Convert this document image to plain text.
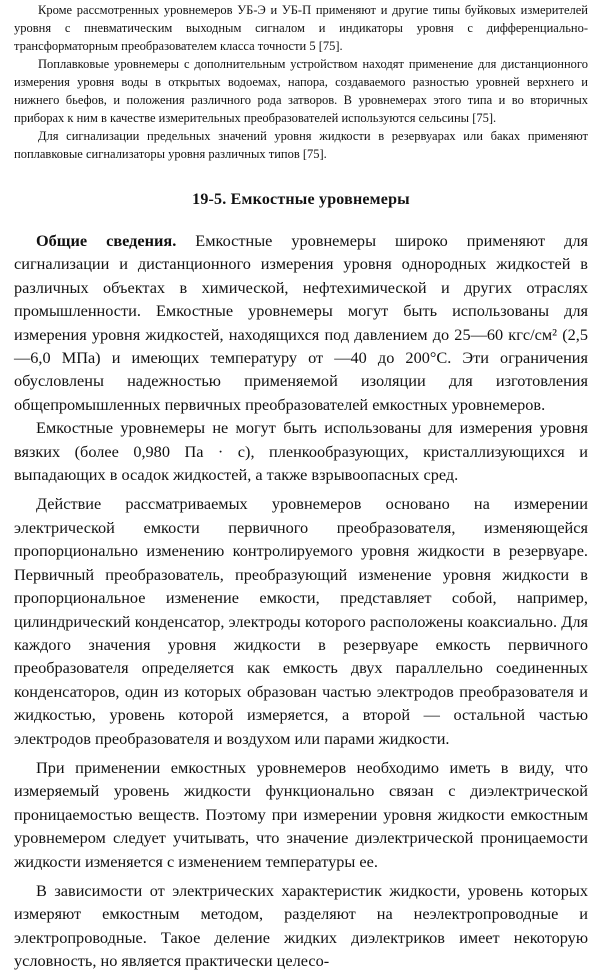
Кроме рассмотренных уровнемеров УБ-Э и УБ-П применяют и другие типы буйковых измерителей уровня с пневматическим выходным сигналом и индикаторы уровня с дифференциально-трансформаторным преобразователем класса точности 5 [75].

Поплавковые уровнемеры с дополнительным устройством находят применение для дистанционного измерения уровня воды в открытых водоемах, напора, создаваемого разностью уровней верхнего и нижнего бьефов, и положения различного рода затворов. В уровнемерах этого типа и во вторичных приборах к ним в качестве измерительных преобразователей используются сельсины [75].

Для сигнализации предельных значений уровня жидкости в резервуарах или баках применяют поплавковые сигнализаторы уровня различных типов [75].

19-5. Емкостные уровнемеры

Общие сведения. Емкостные уровнемеры широко применяют для сигнализации и дистанционного измерения уровня однородных жидкостей в различных объектах в химической, нефтехимической и других отраслях промышленности. Емкостные уровнемеры могут быть использованы для измерения уровня жидкостей, находящихся под давлением до 25—60 кгс/см² (2,5—6,0 МПа) и имеющих температуру от —40 до 200°С. Эти ограничения обусловлены надежностью применяемой изоляции для изготовления общепромышленных первичных преобразователей емкостных уровнемеров.

Емкостные уровнемеры не могут быть использованы для измерения уровня вязких (более 0,980 Па · с), пленкообразующих, кристаллизующихся и выпадающих в осадок жидкостей, а также взрывоопасных сред.

Действие рассматриваемых уровнемеров основано на измерении электрической емкости первичного преобразователя, изменяющейся пропорционально изменению контролируемого уровня жидкости в резервуаре. Первичный преобразователь, преобразующий изменение уровня жидкости в пропорциональное изменение емкости, представляет собой, например, цилиндрический конденсатор, электроды которого расположены коаксиально. Для каждого значения уровня жидкости в резервуаре емкость первичного преобразователя определяется как емкость двух параллельно соединенных конденсаторов, один из которых образован частью электродов преобразователя и жидкостью, уровень которой измеряется, а второй — остальной частью электродов преобразователя и воздухом или парами жидкости.

При применении емкостных уровнемеров необходимо иметь в виду, что измеряемый уровень жидкости функционально связан с диэлектрической проницаемостью веществ. Поэтому при измерении уровня жидкости емкостным уровнемером следует учитывать, что значение диэлектрической проницаемости жидкости изменяется с изменением температуры ее.

В зависимости от электрических характеристик жидкости, уровень которых измеряют емкостным методом, разделяют на неэлектропроводные и электропроводные. Такое деление жидких диэлектриков имеет некоторую условность, но является практически целесо-
